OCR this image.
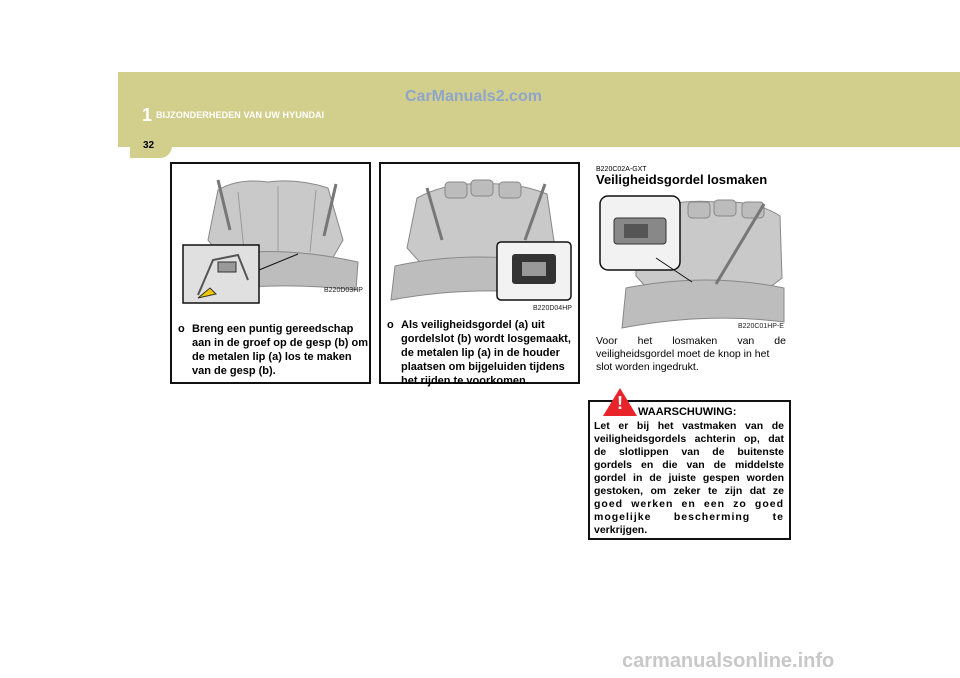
1 BIJZONDERHEDEN VAN UW HYUNDAI
CarManuals2.com
32
B220D03HP
o Breng een puntig gereedschap
aan in de groef op de gesp (b) om
de metalen lip (a) los te maken
van de gesp (b).
B220D04HP
o Als veiligheidsgordel (a) uit
gordelslot (b) wordt losgemaakt,
de metalen lip (a) in de houder
plaatsen om bijgeluiden tijdens
het rijden te voorkomen.
B220C02A-GXT
Veiligheidsgordel losmaken
B220C01HP-E
Voor het losmaken van de
veiligheidsgordel moet de knop in het
slot worden ingedrukt.
! WAARSCHUWING:
Let er bij het vastmaken van de
veiligheidsgordels achterin op, dat
de slotlippen van de buitenste
gordels en die van de middelste
gordel in de juiste gespen worden
gestoken, om zeker te zijn dat ze
goed werken en een zo goed
mogelijke bescherming te
verkrijgen.
carmanualsonline.info
